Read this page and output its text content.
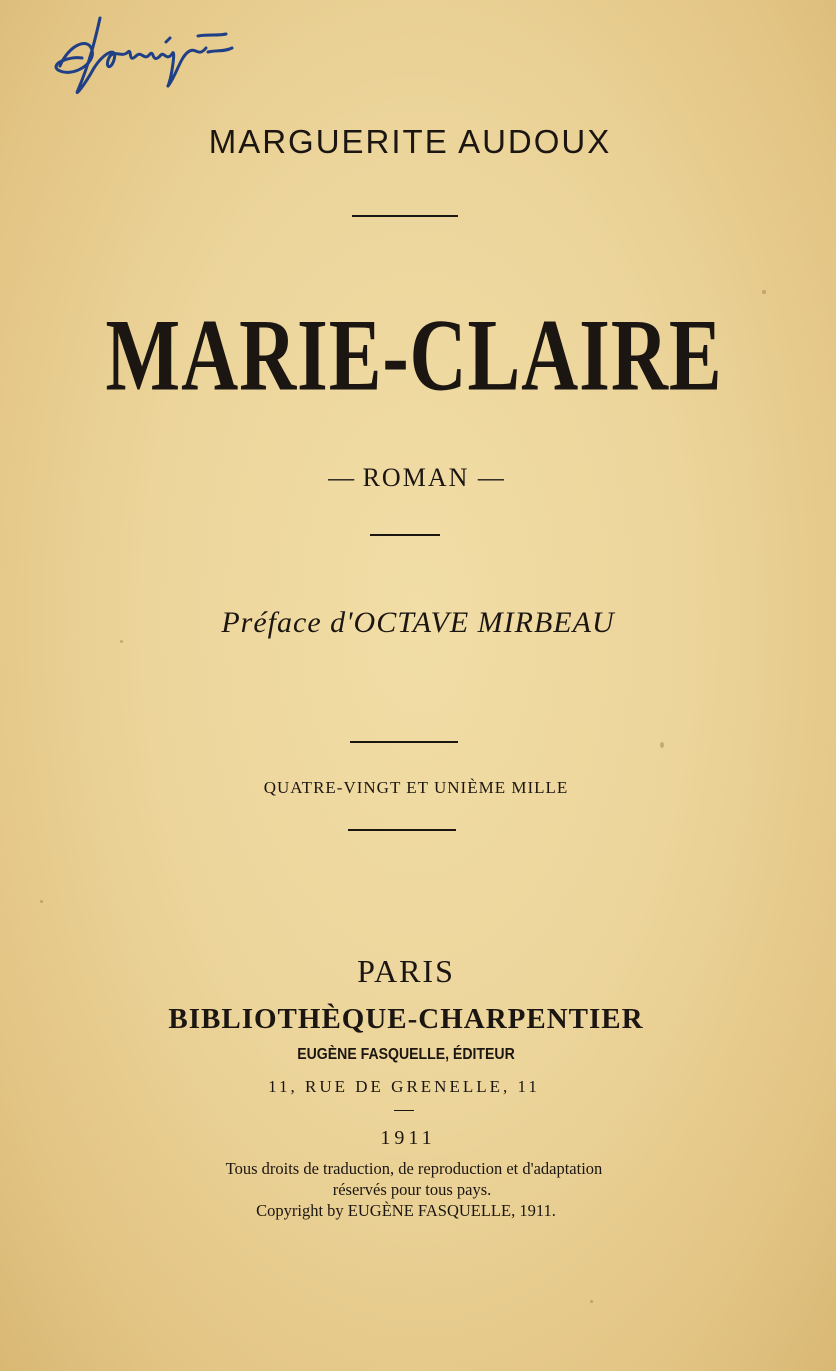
MARGUERITE AUDOUX
MARIE-CLAIRE
— ROMAN —
Préface d'OCTAVE MIRBEAU
QUATRE-VINGT ET UNIÈME MILLE
PARIS
BIBLIOTHÈQUE-CHARPENTIER
EUGÈNE FASQUELLE, ÉDITEUR
11, RUE DE GRENELLE, 11
1911
Tous droits de traduction, de reproduction et d'adaptation
réservés pour tous pays.
Copyright by EUGÈNE FASQUELLE, 1911.
